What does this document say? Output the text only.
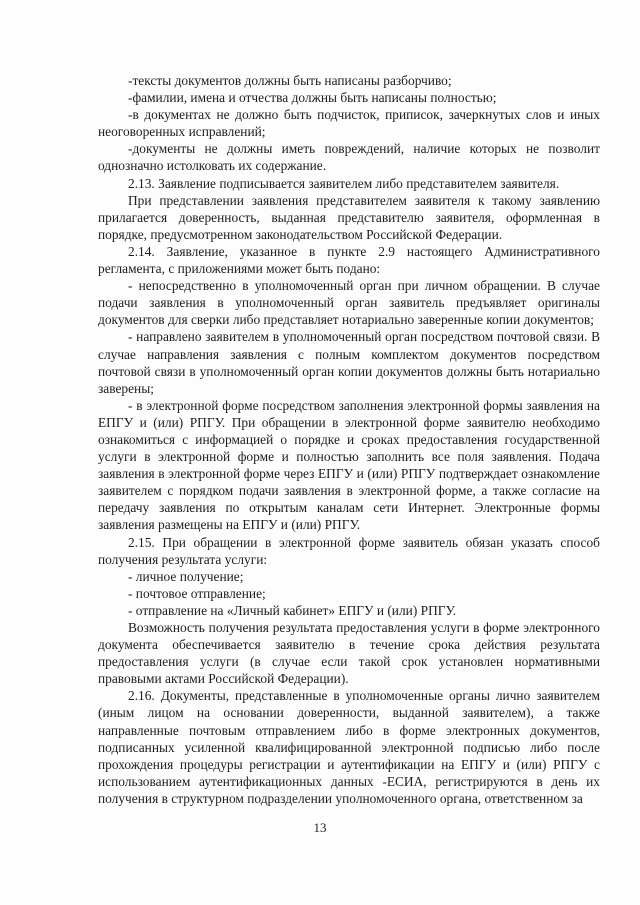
-тексты документов должны быть написаны разборчиво;

-фамилии, имена и отчества должны быть написаны полностью;

-в документах не должно быть подчисток, приписок, зачеркнутых слов и иных неоговоренных исправлений;

-документы не должны иметь повреждений, наличие которых не позволит однозначно истолковать их содержание.

2.13. Заявление подписывается заявителем либо представителем заявителя.

При представлении заявления представителем заявителя к такому заявлению прилагается доверенность, выданная представителю заявителя, оформленная в порядке, предусмотренном законодательством Российской Федерации.

2.14. Заявление, указанное в пункте 2.9 настоящего Административного регламента, с приложениями может быть подано:

- непосредственно в уполномоченный орган при личном обращении. В случае подачи заявления в уполномоченный орган заявитель предъявляет оригиналы документов для сверки либо представляет нотариально заверенные копии документов;

- направлено заявителем в уполномоченный орган посредством почтовой связи. В случае направления заявления с полным комплектом документов посредством почтовой связи в уполномоченный орган копии документов должны быть нотариально заверены;

- в электронной форме посредством заполнения электронной формы заявления на ЕПГУ и (или) РПГУ. При обращении в электронной форме заявителю необходимо ознакомиться с информацией о порядке и сроках предоставления государственной услуги в электронной форме и полностью заполнить все поля заявления. Подача заявления в электронной форме через ЕПГУ и (или) РПГУ подтверждает ознакомление заявителем с порядком подачи заявления в электронной форме, а также согласие на передачу заявления по открытым каналам сети Интернет. Электронные формы заявления размещены на ЕПГУ и (или) РПГУ.

2.15. При обращении в электронной форме заявитель обязан указать способ получения результата услуги:

- личное получение;

- почтовое отправление;

- отправление на «Личный кабинет» ЕПГУ и (или) РПГУ.

Возможность получения результата предоставления услуги в форме электронного документа обеспечивается заявителю в течение срока действия результата предоставления услуги (в случае если такой срок установлен нормативными правовыми актами Российской Федерации).

2.16. Документы, представленные в уполномоченные органы лично заявителем (иным лицом на основании доверенности, выданной заявителем), а также направленные почтовым отправлением либо в форме электронных документов, подписанных усиленной квалифицированной электронной подписью либо после прохождения процедуры регистрации и аутентификации на ЕПГУ и (или) РПГУ с использованием аутентификационных данных -ЕСИА, регистрируются в день их получения в структурном подразделении уполномоченного органа, ответственном за

13
